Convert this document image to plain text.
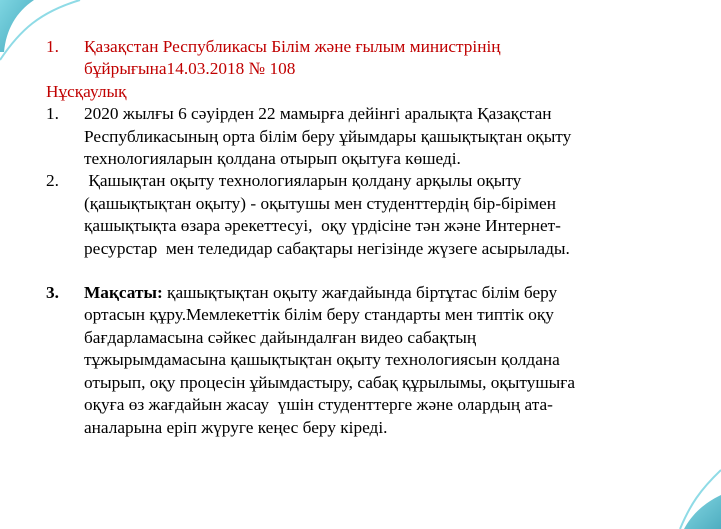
1. Қазақстан Республикасы Білім және ғылым министрінің
бұйрығына14.03.2018 № 108
Нұсқаулық
1. 2020 жылғы 6 сәуірден 22 мамырға дейінгі аралықта Қазақстан
Республикасының орта білім беру ұйымдары қашықтықтан оқыту
технологияларын қолдана отырып оқытуға көшеді.
2. Қашықтан оқыту технологияларын қолдану арқылы оқыту
(қашықтықтан оқыту) - оқытушы мен студенттердің бір-бірімен
қашықтықта өзара әрекеттесуі,  оқу үрдісіне тән және Интернет-
ресурстар  мен теледидар сабақтары негізінде жүзеге асырылады.
3. Мақсаты: қашықтықтан оқыту жағдайында біртұтас білім беру
ортасын құру.Мемлекеттік білім беру стандарты мен типтік оқу
бағдарламасына сәйкес дайындалған видео сабақтың
тұжырымдамасына қашықтықтан оқыту технологиясын қолдана
отырып, оқу процесін ұйымдастыру, сабақ құрылымы, оқытушыға
оқуға өз жағдайын жасау  үшін студенттерге және олардың ата-
аналарына еріп жүруге кеңес беру кіреді.
